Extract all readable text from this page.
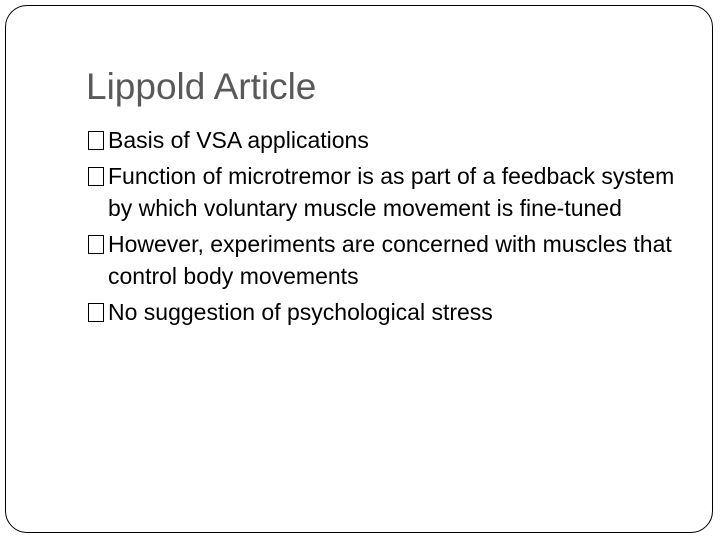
Lippold Article
Basis of VSA applications
Function of microtremor is as part of a feedback system by which voluntary muscle movement is fine-tuned
However, experiments are concerned with muscles that control body movements
No suggestion of psychological stress
